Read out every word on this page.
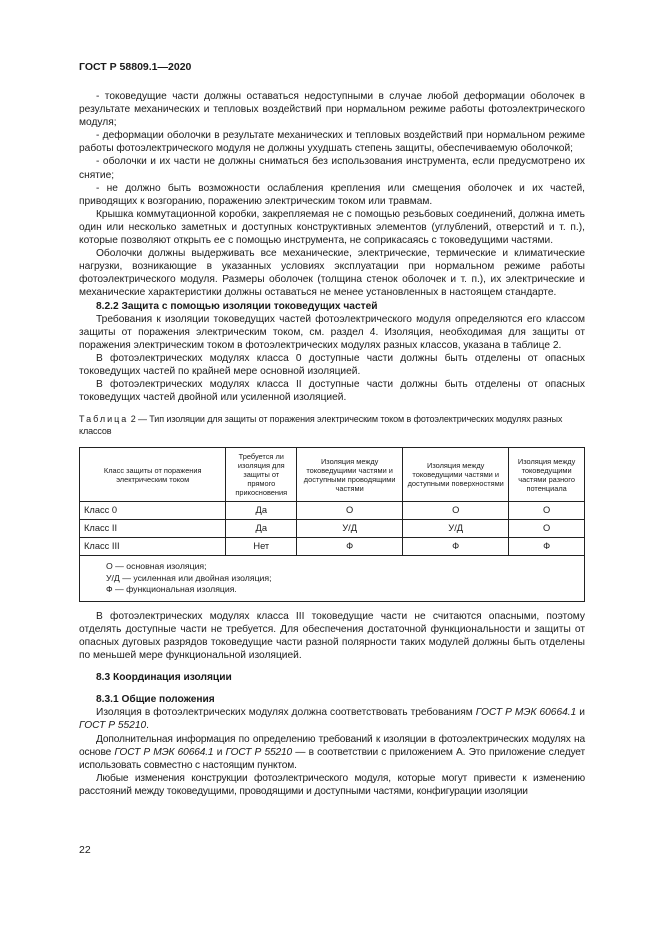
ГОСТ Р 58809.1—2020

- токоведущие части должны оставаться недоступными в случае любой деформации оболочек в результате механических и тепловых воздействий при нормальном режиме работы фотоэлектрического модуля;

- деформации оболочки в результате механических и тепловых воздействий при нормальном режиме работы фотоэлектрического модуля не должны ухудшать степень защиты, обеспечиваемую оболочкой;

- оболочки и их части не должны сниматься без использования инструмента, если предусмотрено их снятие;

- не должно быть возможности ослабления крепления или смещения оболочек и их частей, приводящих к возгоранию, поражению электрическим током или травмам.

Крышка коммутационной коробки, закрепляемая не с помощью резьбовых соединений, должна иметь один или несколько заметных и доступных конструктивных элементов (углублений, отверстий и т. п.), которые позволяют открыть ее с помощью инструмента, не соприкасаясь с токоведущими частями.

Оболочки должны выдерживать все механические, электрические, термические и климатические нагрузки, возникающие в указанных условиях эксплуатации при нормальном режиме работы фотоэлектрического модуля. Размеры оболочек (толщина стенок оболочек и т. п.), их электрические и механические характеристики должны оставаться не менее установленных в настоящем стандарте.

8.2.2 Защита с помощью изоляции токоведущих частей

Требования к изоляции токоведущих частей фотоэлектрического модуля определяются его классом защиты от поражения электрическим током, см. раздел 4. Изоляция, необходимая для защиты от поражения электрическим током в фотоэлектрических модулях разных классов, указана в таблице 2.

В фотоэлектрических модулях класса 0 доступные части должны быть отделены от опасных токоведущих частей по крайней мере основной изоляцией.

В фотоэлектрических модулях класса II доступные части должны быть отделены от опасных токоведущих частей двойной или усиленной изоляцией.

Таблица 2 — Тип изоляции для защиты от поражения электрическим током в фотоэлектрических модулях разных классов
Класс защиты от поражения электрическим током	Требуется ли изоляция для защиты от прямого прикосновения	Изоляция между токоведущими частями и доступными проводящими частями	Изоляция между токоведущими частями и доступными поверхностями	Изоляция между токоведущими частями разного потенциала
Класс 0	Да	О	О	О
Класс II	Да	У/Д	У/Д	О
Класс III	Нет	Ф	Ф	Ф

О — основная изоляция;
У/Д — усиленная или двойная изоляция;
Ф — функциональная изоляция.				

В фотоэлектрических модулях класса III токоведущие части не считаются опасными, поэтому отделять доступные части не требуется. Для обеспечения достаточной функциональности и защиты от опасных дуговых разрядов токоведущие части разной полярности таких модулей должны быть отделены по меньшей мере функциональной изоляцией.

8.3 Координация изоляции
8.3.1 Общие положения

Изоляция в фотоэлектрических модулях должна соответствовать требованиям ГОСТ Р МЭК 60664.1 и ГОСТ Р 55210.

Дополнительная информация по определению требований к изоляции в фотоэлектрических модулях на основе ГОСТ Р МЭК 60664.1 и ГОСТ Р 55210 — в соответствии с приложением А. Это приложение следует использовать совместно с настоящим пунктом.

Любые изменения конструкции фотоэлектрического модуля, которые могут привести к изменению расстояний между токоведущими, проводящими и доступными частями, конфигурации изоляции

22
